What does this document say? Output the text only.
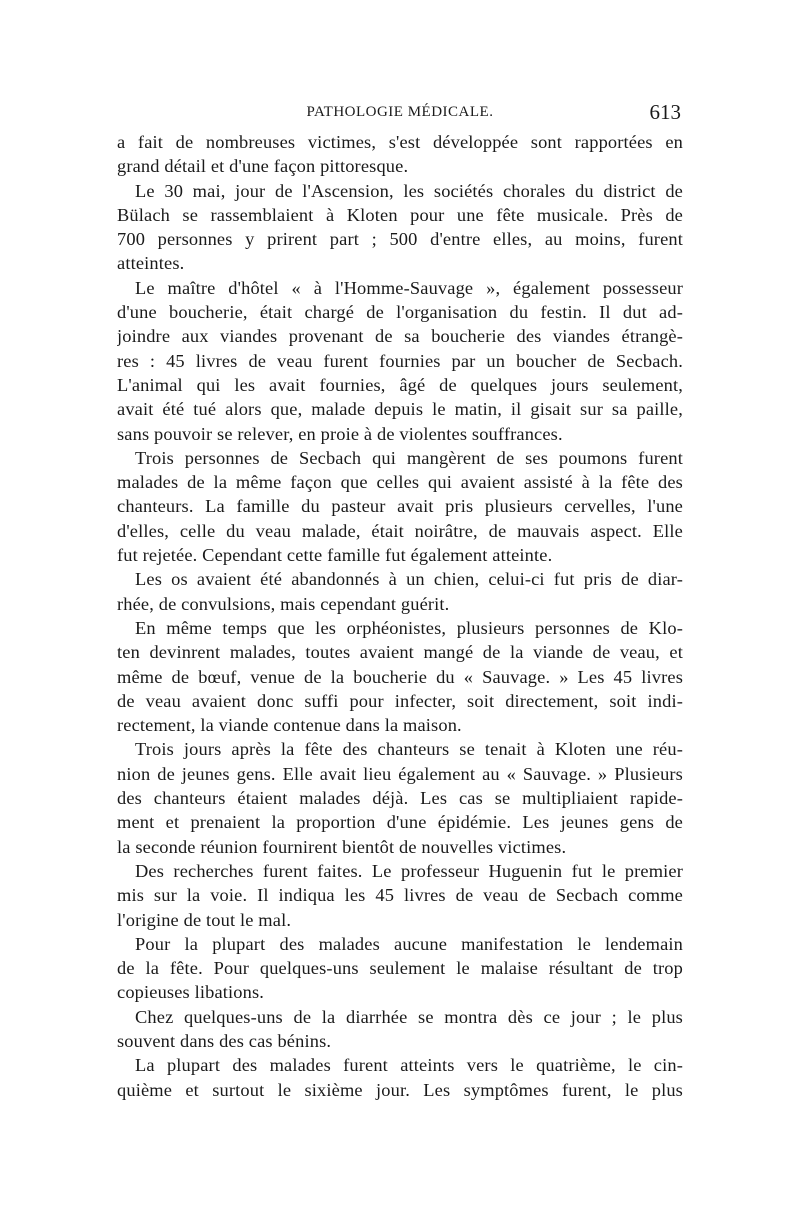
PATHOLOGIE MÉDICALE.	613
a fait de nombreuses victimes, s'est développée sont rapportées en
grand détail et d'une façon pittoresque.
Le 30 mai, jour de l'Ascension, les sociétés chorales du district de
Bülach se rassemblaient à Kloten pour une fête musicale. Près de
700 personnes y prirent part ; 500 d'entre elles, au moins, furent
atteintes.
Le maître d'hôtel « à l'Homme-Sauvage », également possesseur
d'une boucherie, était chargé de l'organisation du festin. Il dut ad-
joindre aux viandes provenant de sa boucherie des viandes étrangè-
res : 45 livres de veau furent fournies par un boucher de Secbach.
L'animal qui les avait fournies, âgé de quelques jours seulement,
avait été tué alors que, malade depuis le matin, il gisait sur sa paille,
sans pouvoir se relever, en proie à de violentes souffrances.
Trois personnes de Secbach qui mangèrent de ses poumons furent
malades de la même façon que celles qui avaient assisté à la fête des
chanteurs. La famille du pasteur avait pris plusieurs cervelles, l'une
d'elles, celle du veau malade, était noirâtre, de mauvais aspect. Elle
fut rejetée. Cependant cette famille fut également atteinte.
Les os avaient été abandonnés à un chien, celui-ci fut pris de diar-
rhée, de convulsions, mais cependant guérit.
En même temps que les orphéonistes, plusieurs personnes de Klo-
ten devinrent malades, toutes avaient mangé de la viande de veau, et
même de bœuf, venue de la boucherie du « Sauvage. » Les 45 livres
de veau avaient donc suffi pour infecter, soit directement, soit indi-
rectement, la viande contenue dans la maison.
Trois jours après la fête des chanteurs se tenait à Kloten une réu-
nion de jeunes gens. Elle avait lieu également au « Sauvage. » Plusieurs
des chanteurs étaient malades déjà. Les cas se multipliaient rapide-
ment et prenaient la proportion d'une épidémie. Les jeunes gens de
la seconde réunion fournirent bientôt de nouvelles victimes.
Des recherches furent faites. Le professeur Huguenin fut le premier
mis sur la voie. Il indiqua les 45 livres de veau de Secbach comme
l'origine de tout le mal.
Pour la plupart des malades aucune manifestation le lendemain
de la fête. Pour quelques-uns seulement le malaise résultant de trop
copieuses libations.
Chez quelques-uns de la diarrhée se montra dès ce jour ; le plus
souvent dans des cas bénins.
La plupart des malades furent atteints vers le quatrième, le cin-
quième et surtout le sixième jour. Les symptômes furent, le plus
